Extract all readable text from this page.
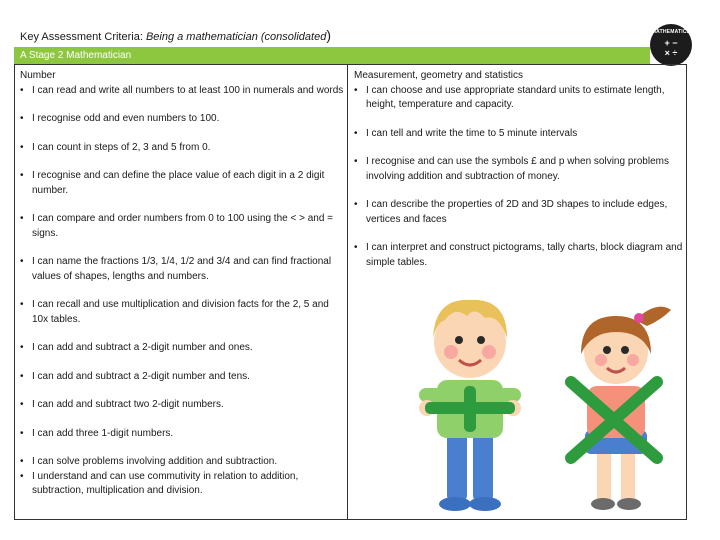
Key Assessment Criteria: Being a mathematician (consolidated)	MATHEMATICS
+ −
× ÷
A Stage 2 Mathematician
Number
• I can read and write all numbers to at least 100 in numerals and words
• I recognise odd and even numbers to 100.
• I can count in steps of 2, 3 and 5 from 0.
• I recognise and can define the place value of each digit in a 2 digit number.
• I can compare and order numbers from 0 to 100 using the < > and = signs.
• I can name the fractions 1/3, 1/4, 1/2 and 3/4 and can find fractional values of shapes, lengths and numbers.
• I can recall and use multiplication and division facts for the 2, 5 and 10x tables.
• I can add and subtract a 2-digit number and ones.
• I can add and subtract a 2-digit number and tens.
• I can add and subtract two 2-digit numbers.
• I can add three 1-digit numbers.
• I can solve problems involving addition and subtraction.
• I understand and can use commutivity in relation to addition, subtraction, multiplication and division.
Measurement, geometry and statistics
• I can choose and use appropriate standard units to estimate length, height, temperature and capacity.
• I can tell and write the time to 5 minute intervals
• I recognise and can use the symbols £ and p when solving problems involving addition and subtraction of money.
• I can describe the properties of 2D and 3D shapes to include edges, vertices and faces
• I can interpret and construct pictograms, tally charts, block diagram and simple tables.
